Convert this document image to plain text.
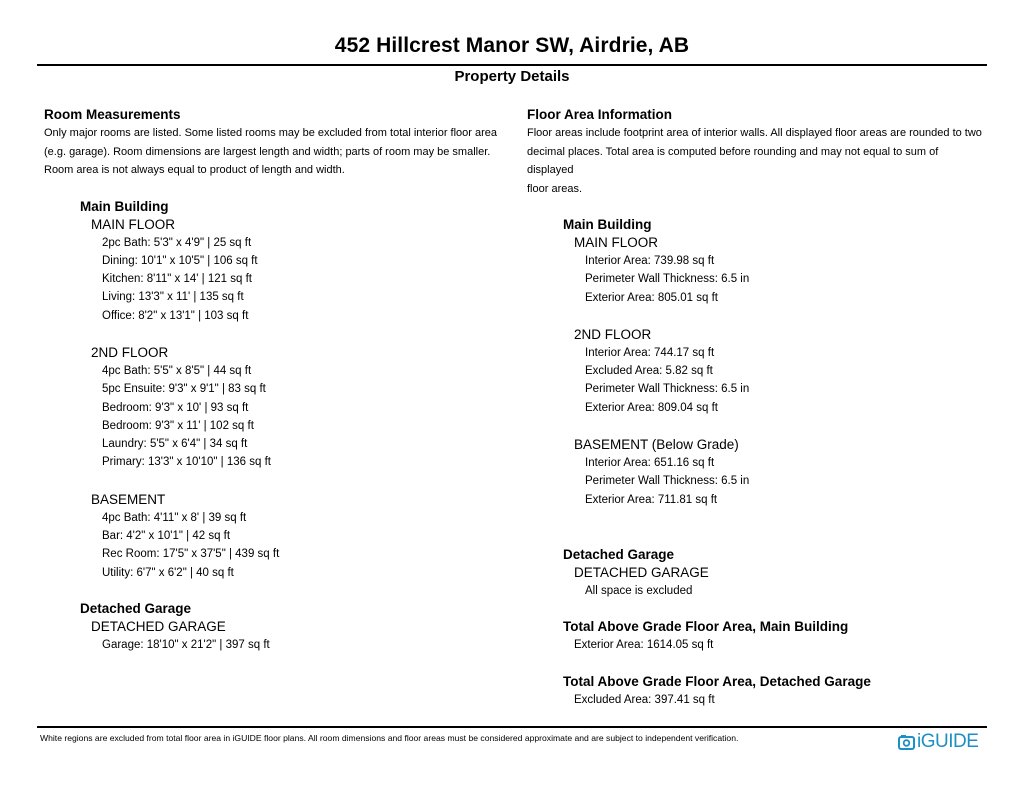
452 Hillcrest Manor SW, Airdrie, AB
Property Details
Room Measurements
Only major rooms are listed. Some listed rooms may be excluded from total interior floor area
(e.g. garage). Room dimensions are largest length and width; parts of room may be smaller.
Room area is not always equal to product of length and width.
Main Building
MAIN FLOOR
2pc Bath: 5'3" x 4'9" | 25 sq ft
Dining: 10'1" x 10'5" | 106 sq ft
Kitchen: 8'11" x 14' | 121 sq ft
Living: 13'3" x 11' | 135 sq ft
Office: 8'2" x 13'1" | 103 sq ft
2ND FLOOR
4pc Bath: 5'5" x 8'5" | 44 sq ft
5pc Ensuite: 9'3" x 9'1" | 83 sq ft
Bedroom: 9'3" x 10' | 93 sq ft
Bedroom: 9'3" x 11' | 102 sq ft
Laundry: 5'5" x 6'4" | 34 sq ft
Primary: 13'3" x 10'10" | 136 sq ft
BASEMENT
4pc Bath: 4'11" x 8' | 39 sq ft
Bar: 4'2" x 10'1" | 42 sq ft
Rec Room: 17'5" x 37'5" | 439 sq ft
Utility: 6'7" x 6'2" | 40 sq ft
Detached Garage
DETACHED GARAGE
Garage: 18'10" x 21'2" | 397 sq ft
Floor Area Information
Floor areas include footprint area of interior walls. All displayed floor areas are rounded to two
decimal places. Total area is computed before rounding and may not equal to sum of displayed
floor areas.
Main Building
MAIN FLOOR
Interior Area: 739.98 sq ft
Perimeter Wall Thickness: 6.5 in
Exterior Area: 805.01 sq ft
2ND FLOOR
Interior Area: 744.17 sq ft
Excluded Area: 5.82 sq ft
Perimeter Wall Thickness: 6.5 in
Exterior Area: 809.04 sq ft
BASEMENT (Below Grade)
Interior Area: 651.16 sq ft
Perimeter Wall Thickness: 6.5 in
Exterior Area: 711.81 sq ft
Detached Garage
DETACHED GARAGE
All space is excluded
Total Above Grade Floor Area, Main Building
Exterior Area: 1614.05 sq ft
Total Above Grade Floor Area, Detached Garage
Excluded Area: 397.41 sq ft
White regions are excluded from total floor area in iGUIDE floor plans. All room dimensions and floor areas must be considered approximate and are subject to independent verification.	iGUIDE
